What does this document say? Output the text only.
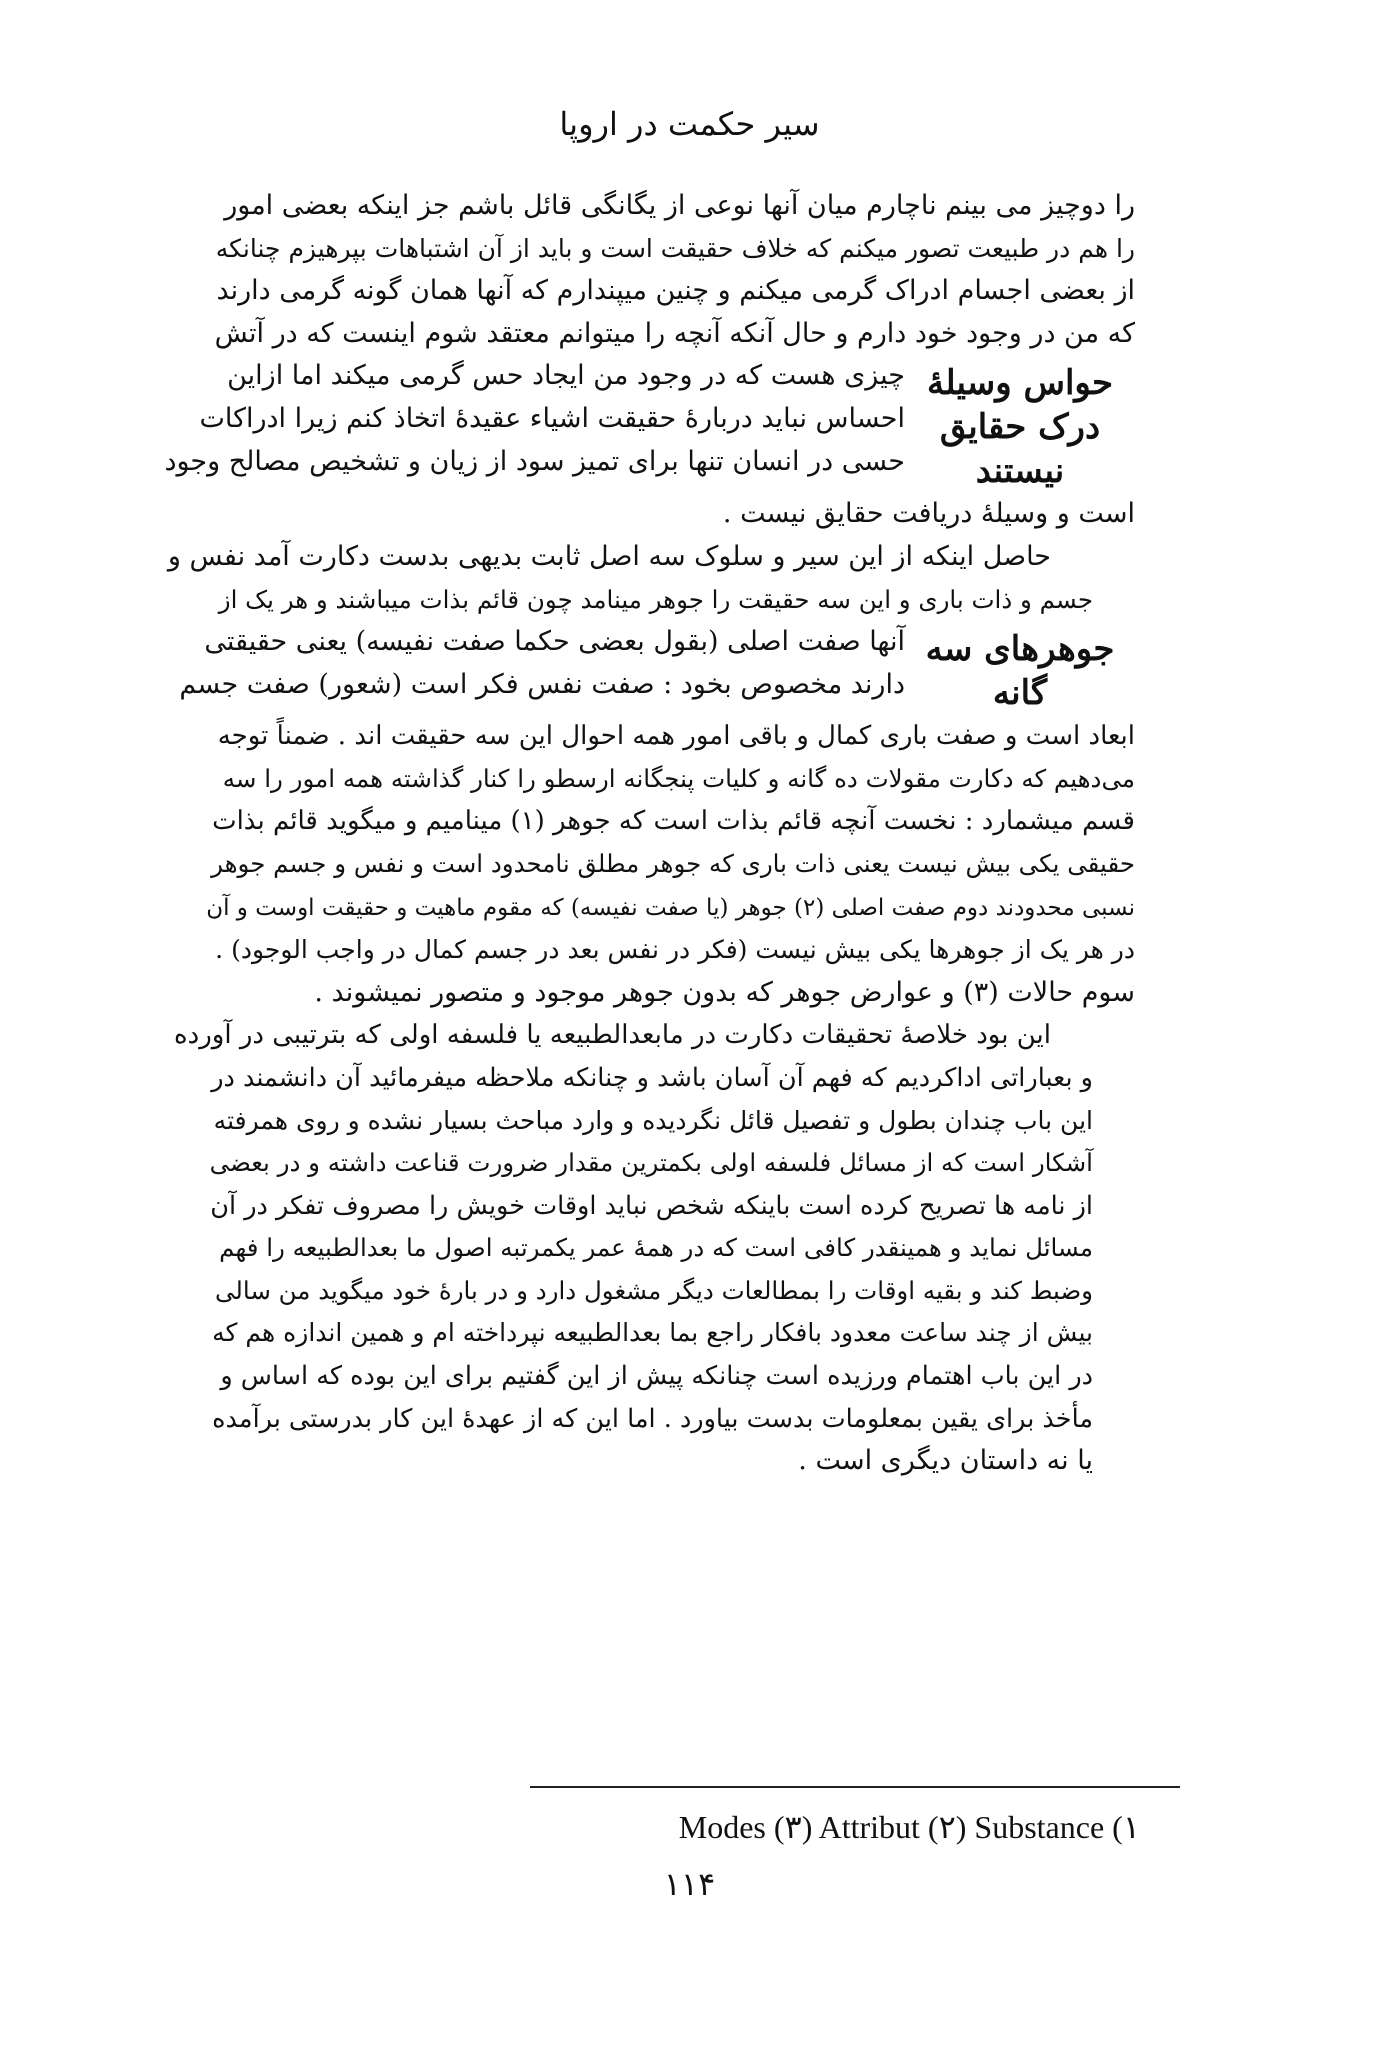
سیر حکمت در اروپا

را دوچیز می بینم ناچارم میان آنها نوعی از یگانگی قائل باشم جز اینکه بعضی امور
را هم در طبیعت تصور میکنم که خلاف حقیقت است و باید از آن اشتباهات بپرهیزم چنانکه
از بعضی اجسام ادراک گرمی میکنم و چنین میپندارم که آنها همان گونه گرمی دارند
که من در وجود خود دارم و حال آنکه آنچه را میتوانم معتقد شوم اینست که در آتش

حواس وسیلهٔ درک حقایق نیستند
چیزی هست که در وجود من ایجاد حس گرمی میکند اما ازاین
احساس نباید دربارهٔ حقیقت اشیاء عقیدهٔ اتخاذ کنم زیرا ادراکات
حسی در انسان تنها برای تمیز سود از زیان و تشخیص مصالح وجود

است و وسیلهٔ دریافت حقایق نیست .

حاصل اینکه از این سیر و سلوک سه اصل ثابت بدیهی بدست دکارت آمد نفس و
جسم و ذات باری و این سه حقیقت را جوهر مینامد چون قائم بذات میباشند و هر یک از

جوهرهای سه گانه
آنها صفت اصلی (بقول بعضی حکما صفت نفیسه) یعنی حقیقتی
دارند مخصوص بخود : صفت نفس فکر است (شعور) صفت جسم

ابعاد است و صفت باری کمال و باقی امور همه احوال این سه حقیقت اند . ضمناً توجه
می‌دهیم که دکارت مقولات ده گانه و کلیات پنجگانه ارسطو را کنار گذاشته همه امور را سه
قسم میشمارد : نخست آنچه قائم بذات است که جوهر (۱) مینامیم و میگوید قائم بذات
حقیقی یکی بیش نیست یعنی ذات باری که جوهر مطلق نامحدود است و نفس و جسم جوهر
نسبی محدودند دوم صفت اصلی (۲) جوهر (یا صفت نفیسه) که مقوم ماهیت و حقیقت اوست و آن
در هر یک از جوهرها یکی بیش نیست (فکر در نفس بعد در جسم کمال در واجب الوجود) .
سوم حالات (۳) و عوارض جوهر که بدون جوهر موجود و متصور نمیشوند .

این بود خلاصهٔ تحقیقات دکارت در مابعدالطبیعه یا فلسفه اولی که بترتیبی در آورده
و بعباراتی اداکردیم که فهم آن آسان باشد و چنانکه ملاحظه میفرمائید آن دانشمند در
این باب چندان بطول و تفصیل قائل نگردیده و وارد مباحث بسیار نشده و روی همرفته
آشکار است که از مسائل فلسفه اولی بکمترین مقدار ضرورت قناعت داشته و در بعضی
از نامه ها تصریح کرده است باینکه شخص نباید اوقات خویش را مصروف تفکر در آن
مسائل نماید و همینقدر کافی است که در همهٔ عمر یکمرتبه اصول ما بعدالطبیعه را فهم
وضبط کند و بقیه اوقات را بمطالعات دیگر مشغول دارد و در بارهٔ خود میگوید من سالی
بیش از چند ساعت معدود بافکار راجع بما بعدالطبیعه نپرداخته ام و همین اندازه هم که
در این باب اهتمام ورزیده است چنانکه پیش از این گفتیم برای این بوده که اساس و
مأخذ برای یقین بمعلومات بدست بیاورد . اما این که از عهدهٔ این کار بدرستی برآمده
یا نه داستان دیگری است .

Modes (۳) Attribut (۲) Substance (۱
۱۱۴
